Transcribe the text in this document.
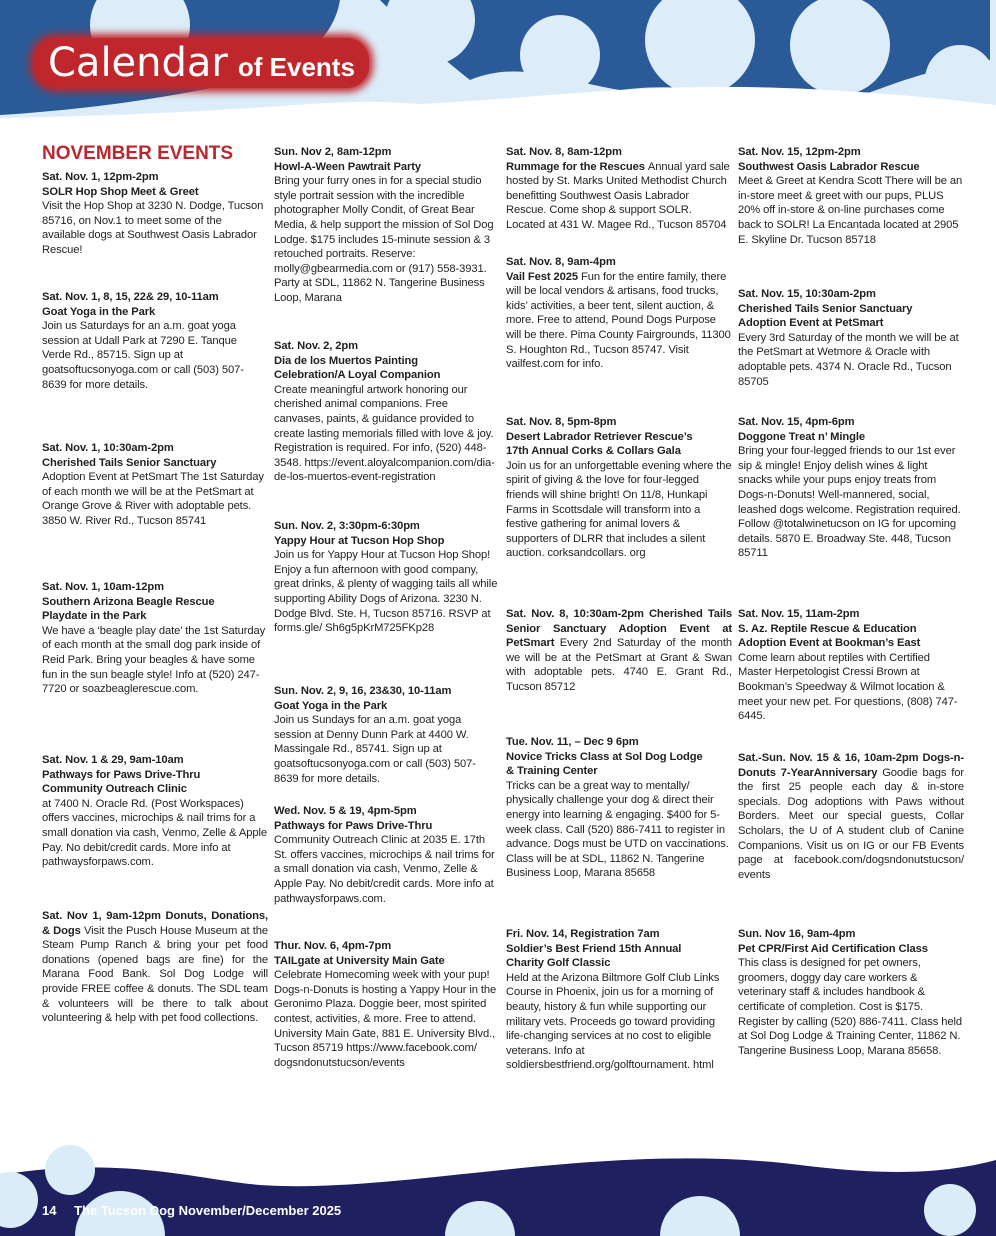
Calendar of Events
NOVEMBER EVENTS
Sat. Nov. 1, 12pm-2pm
SOLR Hop Shop Meet & Greet
Visit the Hop Shop at 3230 N. Dodge, Tucson 85716, on Nov.1 to meet some of the available dogs at Southwest Oasis Labrador Rescue!
Sat. Nov. 1, 8, 15, 22& 29, 10-11am
Goat Yoga in the Park
Join us Saturdays for an a.m. goat yoga session at Udall Park at 7290 E. Tanque Verde Rd., 85715. Sign up at goatsoftucsonyoga.com or call (503) 507-8639 for more details.
Sat. Nov. 1, 10:30am-2pm
Cherished Tails Senior Sanctuary
Adoption Event at PetSmart The 1st Saturday of each month we will be at the PetSmart at Orange Grove & River with adoptable pets. 3850 W. River Rd., Tucson 85741
Sat. Nov. 1, 10am-12pm
Southern Arizona Beagle Rescue
Playdate in the Park
We have a ‘beagle play date’ the 1st Saturday of each month at the small dog park inside of Reid Park. Bring your beagles & have some fun in the sun beagle style! Info at (520) 247-7720 or soazbeaglerescue.com.
Sat. Nov. 1 & 29, 9am-10am
Pathways for Paws Drive-Thru
Community Outreach Clinic
at 7400 N. Oracle Rd. (Post Workspaces) offers vaccines, microchips & nail trims for a small donation via cash, Venmo, Zelle & Apple Pay. No debit/credit cards. More info at pathwaysforpaws.com.
Sat. Nov 1, 9am-12pm Donuts, Donations, & Dogs Visit the Pusch House Museum at the Steam Pump Ranch & bring your pet food donations (opened bags are fine) for the Marana Food Bank. Sol Dog Lodge will provide FREE coffee & donuts. The SDL team & volunteers will be there to talk about volunteering & help with pet food collections.
Sun. Nov 2, 8am-12pm
Howl-A-Ween Pawtrait Party
Bring your furry ones in for a special studio style portrait session with the incredible photographer Molly Condit, of Great Bear Media, & help support the mission of Sol Dog Lodge. $175 includes 15-minute session & 3 retouched portraits. Reserve: molly@gbearmedia.com or (917) 558-3931. Party at SDL, 11862 N. Tangerine Business Loop, Marana
Sat. Nov. 2, 2pm
Dia de los Muertos Painting
Celebration/A Loyal Companion
Create meaningful artwork honoring our cherished animal companions. Free canvases, paints, & guidance provided to create lasting memorials filled with love & joy. Registration is required. For info, (520) 448-3548. https://event.aloyalcompanion.com/dia-de-los-muertos-event-registration
Sun. Nov. 2, 3:30pm-6:30pm
Yappy Hour at Tucson Hop Shop
Join us for Yappy Hour at Tucson Hop Shop! Enjoy a fun afternoon with good company, great drinks, & plenty of wagging tails all while supporting Ability Dogs of Arizona. 3230 N. Dodge Blvd. Ste. H, Tucson 85716. RSVP at forms.gle/ Sh6g5pKrM725FKp28
Sun. Nov. 2, 9, 16, 23&30, 10-11am
Goat Yoga in the Park
Join us Sundays for an a.m. goat yoga session at Denny Dunn Park at 4400 W. Massingale Rd., 85741. Sign up at goatsoftucsonyoga.com or call (503) 507-8639 for more details.
Wed. Nov. 5 & 19, 4pm-5pm
Pathways for Paws Drive-Thru
Community Outreach Clinic at 2035 E. 17th St. offers vaccines, microchips & nail trims for a small donation via cash, Venmo, Zelle & Apple Pay. No debit/credit cards. More info at pathwaysforpaws.com.
Thur. Nov. 6, 4pm-7pm
TAILgate at University Main Gate
Celebrate Homecoming week with your pup! Dogs-n-Donuts is hosting a Yappy Hour in the Geronimo Plaza. Doggie beer, most spirited contest, activities, & more. Free to attend. University Main Gate, 881 E. University Blvd., Tucson 85719 https://www.facebook.com/ dogsndonutstucson/events
Sat. Nov. 8, 8am-12pm
Rummage for the Rescues Annual yard sale hosted by St. Marks United Methodist Church benefitting Southwest Oasis Labrador Rescue. Come shop & support SOLR. Located at 431 W. Magee Rd., Tucson 85704
Sat. Nov. 8, 9am-4pm
Vail Fest 2025 Fun for the entire family, there will be local vendors & artisans, food trucks, kids’ activities, a beer tent, silent auction, & more. Free to attend, Pound Dogs Purpose will be there. Pima County Fairgrounds, 11300 S. Houghton Rd., Tucson 85747. Visit vailfest.com for info.
Sat. Nov. 8, 5pm-8pm
Desert Labrador Retriever Rescue’s
17th Annual Corks & Collars Gala
Join us for an unforgettable evening where the spirit of giving & the love for four-legged friends will shine bright! On 11/8, Hunkapi Farms in Scottsdale will transform into a festive gathering for animal lovers & supporters of DLRR that includes a silent auction. corksandcollars. org
Sat. Nov. 8, 10:30am-2pm Cherished Tails Senior Sanctuary Adoption Event at PetSmart Every 2nd Saturday of the month we will be at the PetSmart at Grant & Swan with adoptable pets. 4740 E. Grant Rd., Tucson 85712
Tue. Nov. 11, – Dec 9 6pm
Novice Tricks Class at Sol Dog Lodge
& Training Center
Tricks can be a great way to mentally/ physically challenge your dog & direct their energy into learning & engaging. $400 for 5-week class. Call (520) 886-7411 to register in advance. Dogs must be UTD on vaccinations. Class will be at SDL, 11862 N. Tangerine Business Loop, Marana 85658
Fri. Nov. 14, Registration 7am
Soldier’s Best Friend 15th Annual
Charity Golf Classic
Held at the Arizona Biltmore Golf Club Links Course in Phoenix, join us for a morning of beauty, history & fun while supporting our military vets. Proceeds go toward providing life-changing services at no cost to eligible veterans. Info at soldiersbestfriend.org/golftournament. html
Sat. Nov. 15, 12pm-2pm
Southwest Oasis Labrador Rescue
Meet & Greet at Kendra Scott There will be an in-store meet & greet with our pups, PLUS 20% off in-store & on-line purchases come back to SOLR! La Encantada located at 2905 E. Skyline Dr. Tucson 85718
Sat. Nov. 15, 10:30am-2pm
Cherished Tails Senior Sanctuary
Adoption Event at PetSmart
Every 3rd Saturday of the month we will be at the PetSmart at Wetmore & Oracle with adoptable pets. 4374 N. Oracle Rd., Tucson 85705
Sat. Nov. 15, 4pm-6pm
Doggone Treat n’ Mingle
Bring your four-legged friends to our 1st ever sip & mingle! Enjoy delish wines & light snacks while your pups enjoy treats from Dogs-n-Donuts! Well-mannered, social, leashed dogs welcome. Registration required. Follow @totalwinetucson on IG for upcoming details. 5870 E. Broadway Ste. 448, Tucson 85711
Sat. Nov. 15, 11am-2pm
S. Az. Reptile Rescue & Education
Adoption Event at Bookman’s East
Come learn about reptiles with Certified Master Herpetologist Cressi Brown at Bookman’s Speedway & Wilmot location & meet your new pet. For questions, (808) 747-6445.
Sat.-Sun. Nov. 15 & 16, 10am-2pm Dogs-n-Donuts 7-YearAnniversary Goodie bags for the first 25 people each day & in-store specials. Dog adoptions with Paws without Borders. Meet our special guests, Collar Scholars, the U of A student club of Canine Companions. Visit us on IG or our FB Events page at facebook.com/dogsndonutstucson/ events
Sun. Nov 16, 9am-4pm
Pet CPR/First Aid Certification Class
This class is designed for pet owners, groomers, doggy day care workers & veterinary staff & includes handbook & certificate of completion. Cost is $175. Register by calling (520) 886-7411. Class held at Sol Dog Lodge & Training Center, 11862 N. Tangerine Business Loop, Marana 85658.
14 The Tucson Dog November/December 2025
